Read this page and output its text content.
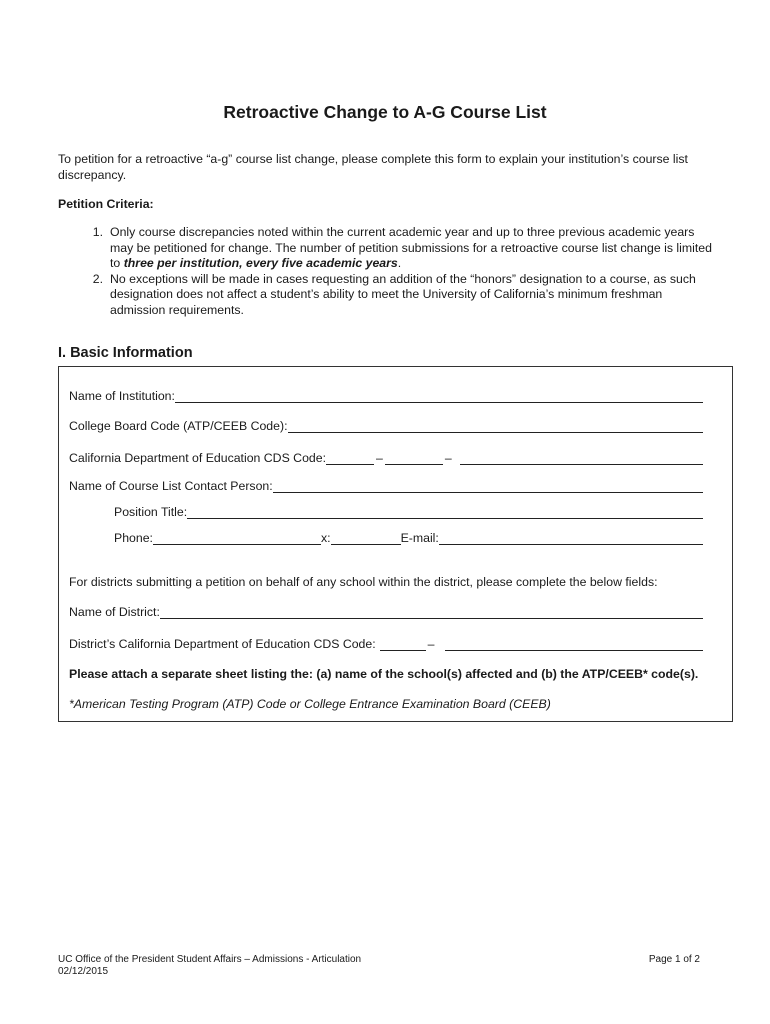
Retroactive Change to A-G Course List
To petition for a retroactive “a-g” course list change, please complete this form to explain your institution’s course list discrepancy.
Petition Criteria:
1. Only course discrepancies noted within the current academic year and up to three previous academic years may be petitioned for change. The number of petition submissions for a retroactive course list change is limited to three per institution, every five academic years.
2. No exceptions will be made in cases requesting an addition of the “honors” designation to a course, as such designation does not affect a student’s ability to meet the University of California’s minimum freshman admission requirements.
I. Basic Information
Name of Institution:
College Board Code (ATP/CEEB Code):
California Department of Education CDS Code:	–	–
Name of Course List Contact Person:
Position Title:
Phone:	x:	E-mail:
For districts submitting a petition on behalf of any school within the district, please complete the below fields:
Name of District:
District’s California Department of Education CDS Code:	–
Please attach a separate sheet listing the: (a) name of the school(s) affected and (b) the ATP/CEEB* code(s).
*American Testing Program (ATP) Code or College Entrance Examination Board (CEEB)
UC Office of the President Student Affairs – Admissions - Articulation
02/12/2015
Page 1 of 2
